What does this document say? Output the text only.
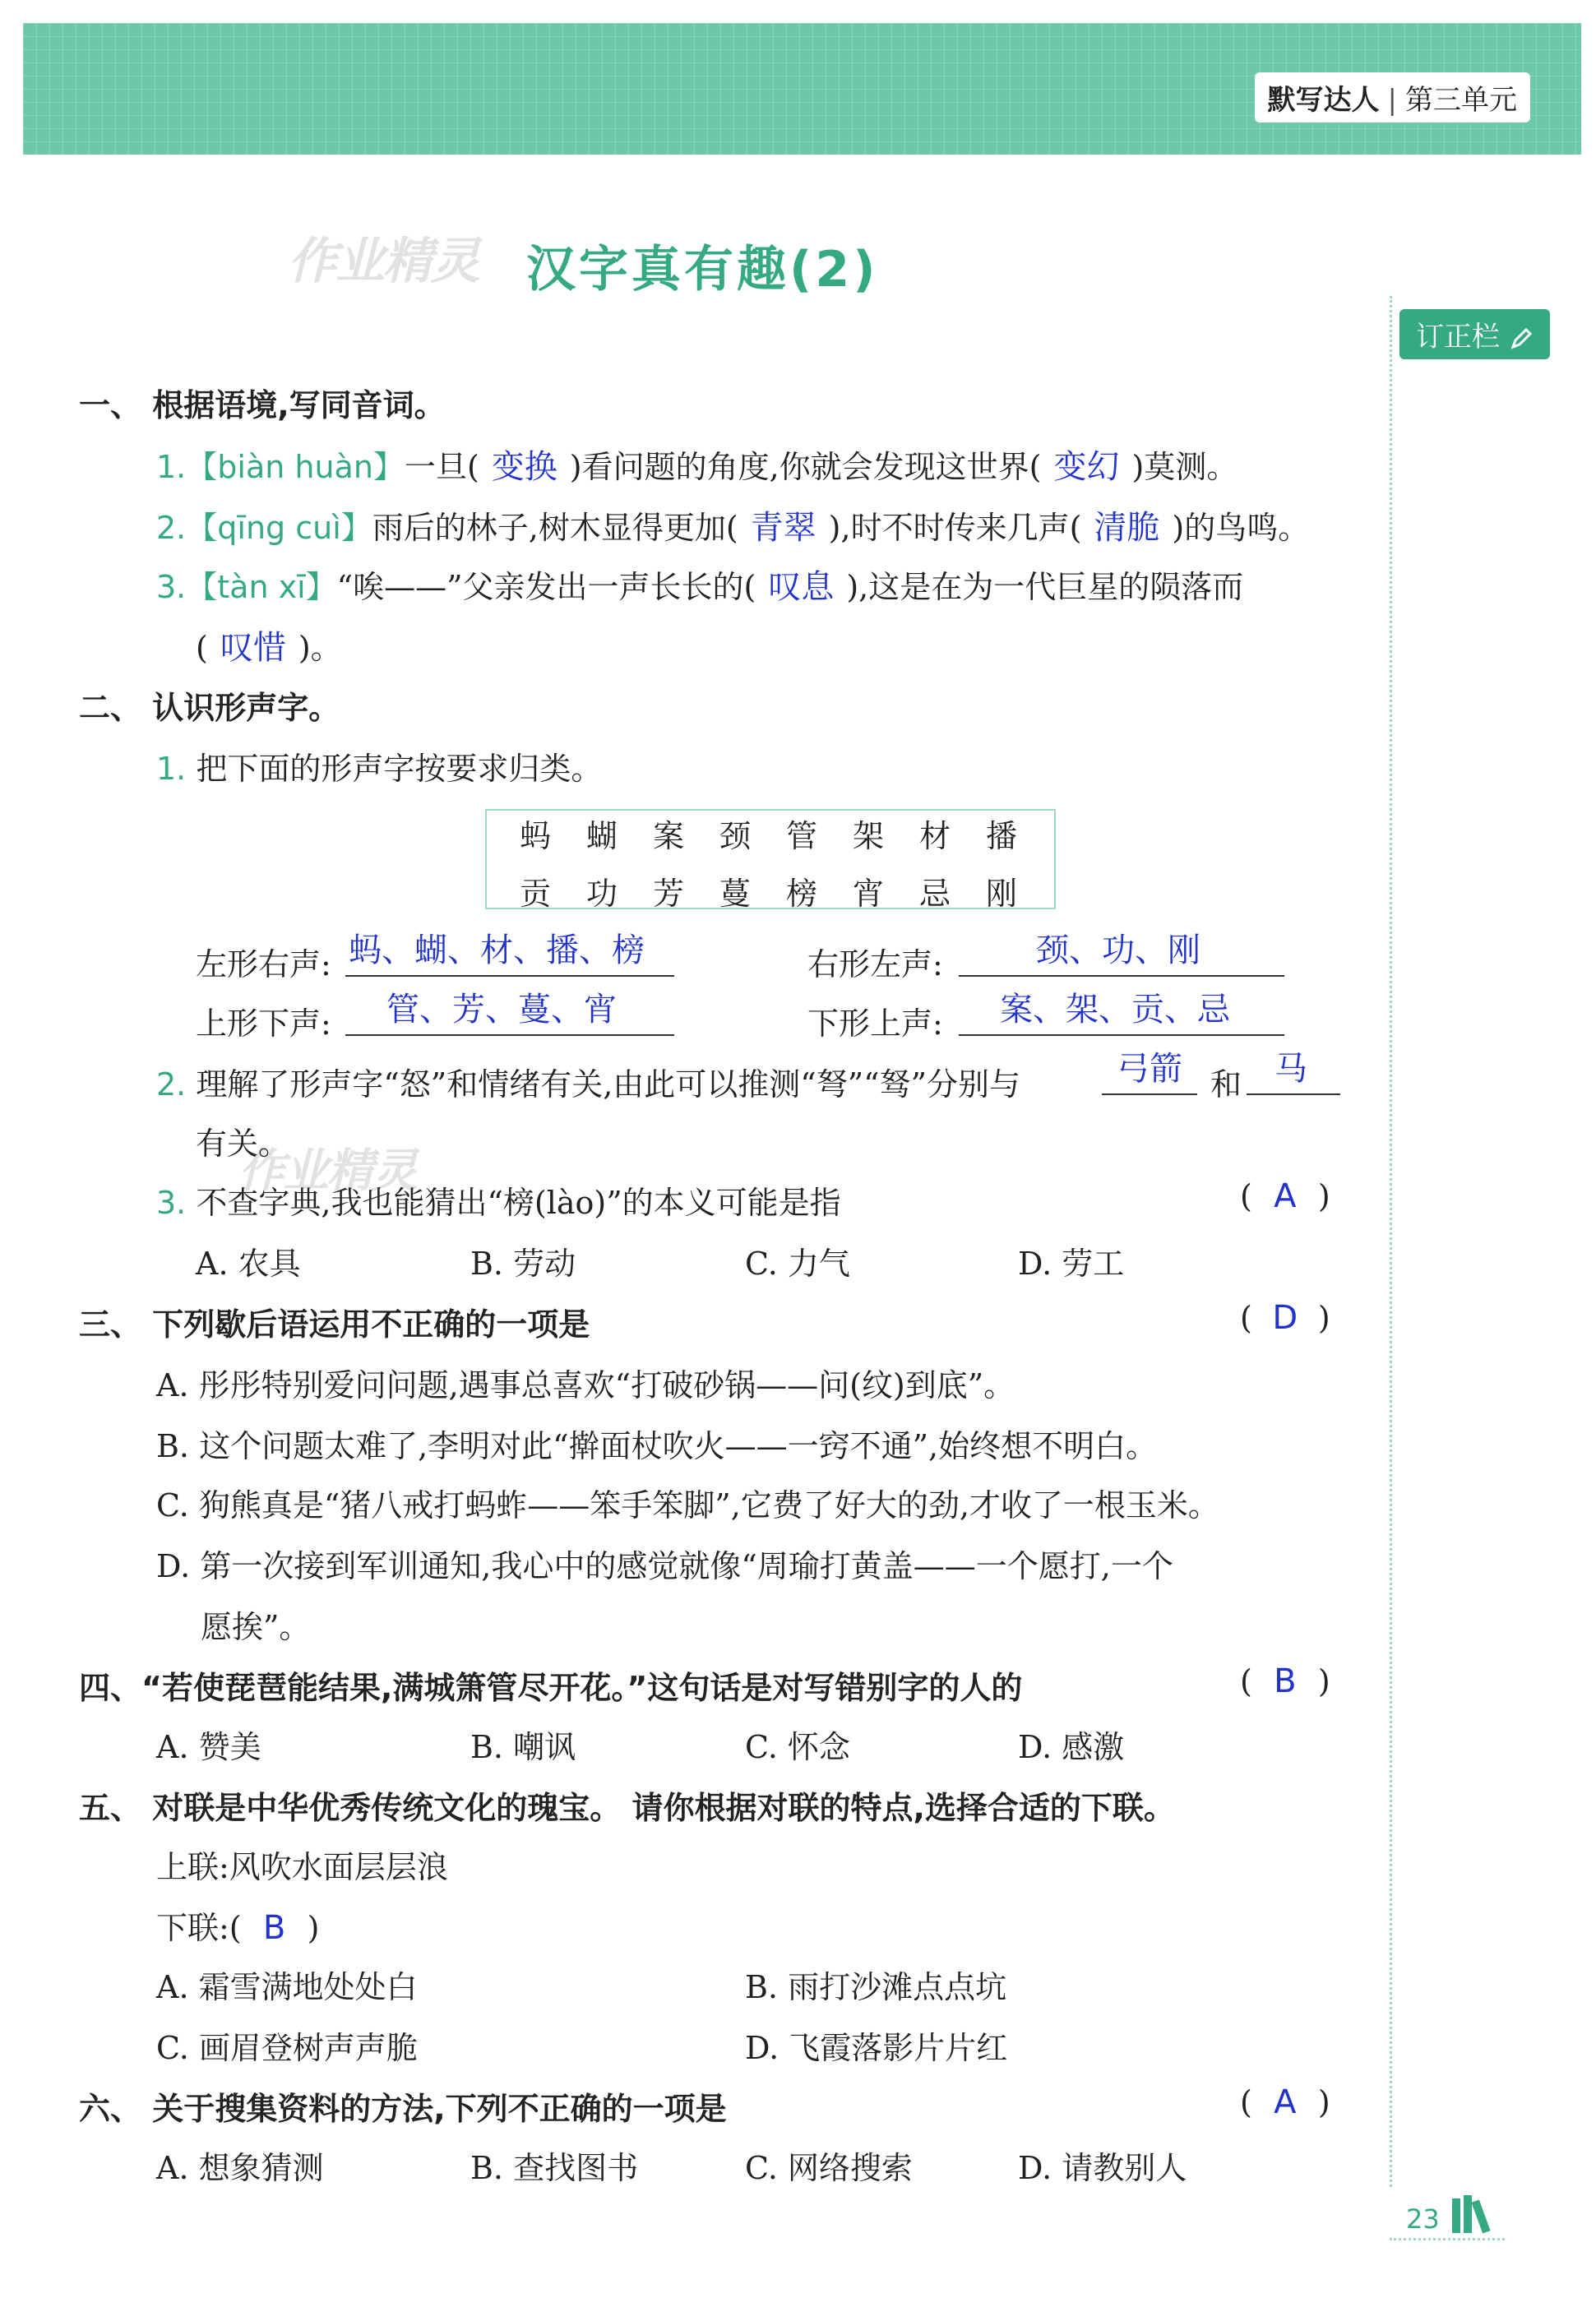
默写达人 | 第三单元
作业精灵
作业精灵
汉字真有趣(2)
订正栏
一、 根据语境,写同音词。
1.【biàn huàn】一旦( 变换 )看问题的角度,你就会发现这世界( 变幻 )莫测。
2.【qīng cuì】雨后的林子,树木显得更加( 青翠 ),时不时传来几声( 清脆 )的鸟鸣。
3.【tàn xī】“唉——”父亲发出一声长长的( 叹息 ),这是在为一代巨星的陨落而
( 叹惜 )。
二、 认识形声字。
1. 把下面的形声字按要求归类。
蚂 蝴 案 颈 管 架 材 播
贡 功 芳 蔓 榜 宵 忌 刚
左形右声: 蚂、蝴、材、播、榜	右形左声:	颈、功、刚
上形下声: 管、芳、蔓、宵	下形上声: 案、架、贡、忌
2. 理解了形声字“怒”和情绪有关,由此可以推测“弩”“驽”分别与	弓箭 和 马
有关。
3. 不查字典,我也能猜出“榜(lào)”的本义可能是指	( A )
A. 农具	B. 劳动	C. 力气	D. 劳工
三、 下列歇后语运用不正确的一项是	( D )
A. 彤彤特别爱问问题,遇事总喜欢“打破砂锅——问(纹)到底”。
B. 这个问题太难了,李明对此“擀面杖吹火——一窍不通”,始终想不明白。
C. 狗熊真是“猪八戒打蚂蚱——笨手笨脚”,它费了好大的劲,才收了一根玉米。
D. 第一次接到军训通知,我心中的感觉就像“周瑜打黄盖——一个愿打,一个
愿挨”。
四、“若使琵琶能结果,满城箫管尽开花。”这句话是对写错别字的人的	( B )
A. 赞美	B. 嘲讽	C. 怀念	D. 感激
五、 对联是中华优秀传统文化的瑰宝。 请你根据对联的特点,选择合适的下联。
上联:风吹水面层层浪
下联:( B )
A. 霜雪满地处处白	B. 雨打沙滩点点坑
C. 画眉登树声声脆	D. 飞霞落影片片红
六、 关于搜集资料的方法,下列不正确的一项是	( A )
A. 想象猜测	B. 查找图书	C. 网络搜索	D. 请教别人
23
